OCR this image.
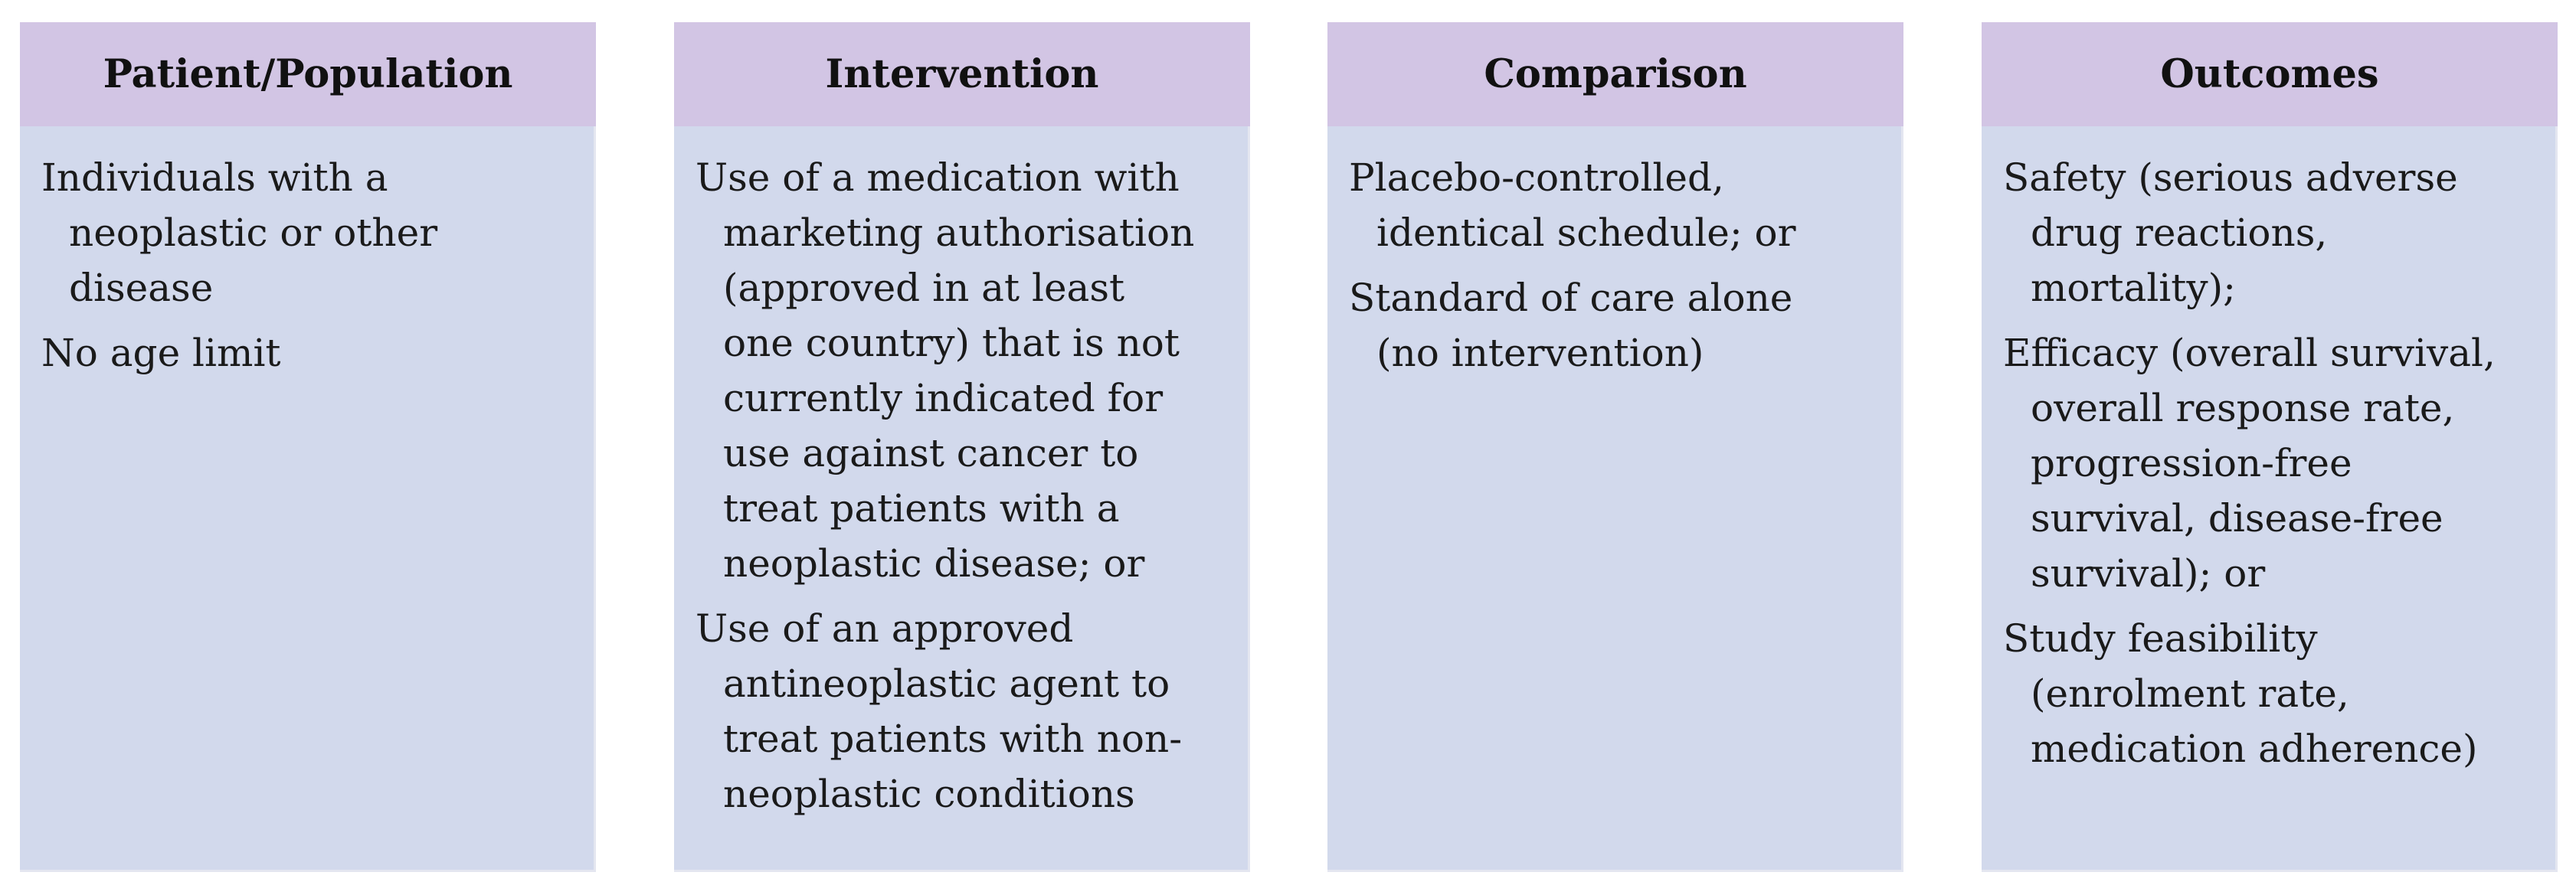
Patient/Population

Individuals with a
neoplastic or other
disease

No age limit

Intervention

Use of a medication with
marketing authorisation
(approved in at least
one country) that is not
currently indicated for
use against cancer to
treat patients with a
neoplastic disease; or

Use of an approved
antineoplastic agent to
treat patients with non-
neoplastic conditions

Comparison

Placebo-controlled,
identical schedule; or

Standard of care alone
(no intervention)

Outcomes

Safety (serious adverse
drug reactions,
mortality);

Efficacy (overall survival,
overall response rate,
progression-free
survival, disease-free
survival); or

Study feasibility
(enrolment rate,
medication adherence)
